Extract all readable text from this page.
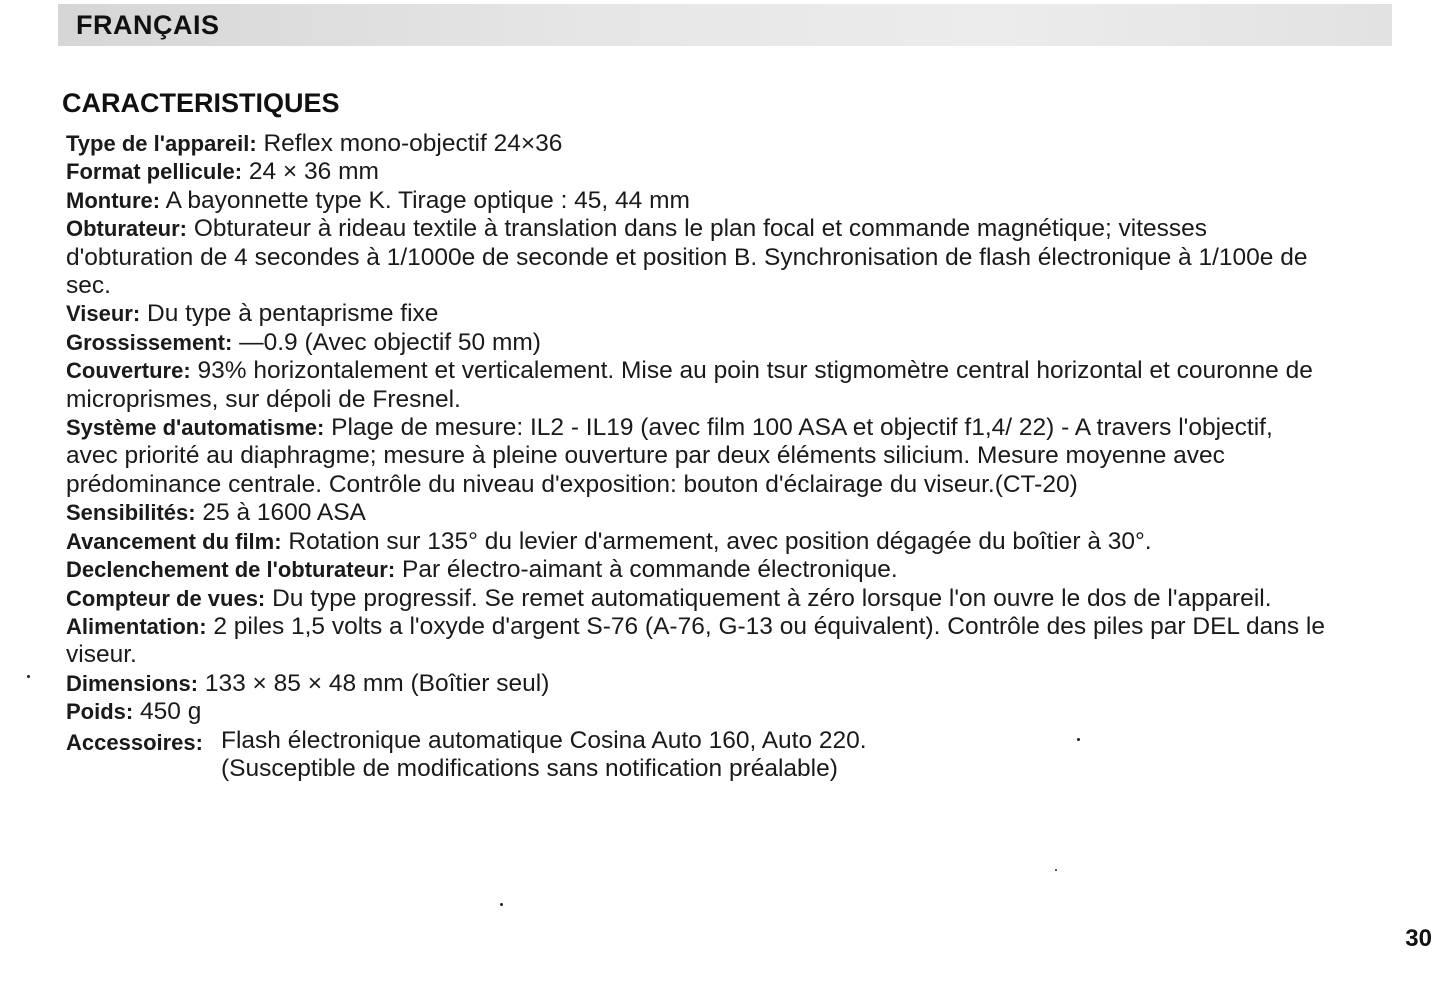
FRANÇAIS
CARACTERISTIQUES
Type de l'appareil: Reflex mono-objectif 24×36
Format pellicule: 24 × 36 mm
Monture: A bayonnette type K. Tirage optique : 45, 44 mm
Obturateur: Obturateur à rideau textile à translation dans le plan focal et commande magnétique; vitesses d'obturation de 4 secondes à 1/1000e de seconde et position B. Synchronisation de flash électronique à 1/100e de sec.
Viseur: Du type à pentaprisme fixe
Grossissement: —0.9 (Avec objectif 50 mm)
Couverture: 93% horizontalement et verticalement. Mise au poin tsur stigmomètre central horizontal et couronne de microprismes, sur dépoli de Fresnel.
Système d'automatisme: Plage de mesure: IL2 - IL19 (avec film 100 ASA et objectif f1,4/ 22) - A travers l'objectif, avec priorité au diaphragme; mesure à pleine ouverture par deux éléments silicium. Mesure moyenne avec prédominance centrale. Contrôle du niveau d'exposition: bouton d'éclairage du viseur.(CT-20)
Sensibilités: 25 à 1600 ASA
Avancement du film: Rotation sur 135° du levier d'armement, avec position dégagée du boîtier à 30°.
Declenchement de l'obturateur: Par électro-aimant à commande électronique.
Compteur de vues: Du type progressif. Se remet automatiquement à zéro lorsque l'on ouvre le dos de l'appareil.
Alimentation: 2 piles 1,5 volts a l'oxyde d'argent S-76 (A-76, G-13 ou équivalent). Contrôle des piles par DEL dans le viseur.
Dimensions: 133 × 85 × 48 mm (Boîtier seul)
Poids: 450 g
Accessoires: Flash électronique automatique Cosina Auto 160, Auto 220.
(Susceptible de modifications sans notification préalable)
30
